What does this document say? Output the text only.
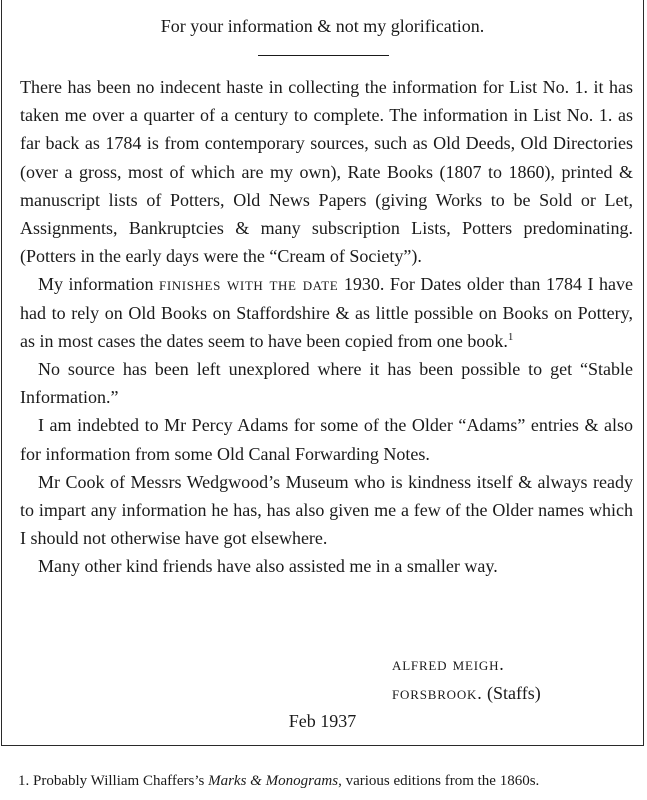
For your information & not my glorification.

There has been no indecent haste in collecting the information for List No. 1. it has taken me over a quarter of a century to complete. The information in List No. 1. as far back as 1784 is from contemporary sources, such as Old Deeds, Old Directories (over a gross, most of which are my own), Rate Books (1807 to 1860), printed & manuscript lists of Potters, Old News Papers (giving Works to be Sold or Let, Assignments, Bankruptcies & many subscription Lists, Potters predominating. (Potters in the early days were the “Cream of Society”).

My information finishes with the date 1930. For Dates older than 1784 I have had to rely on Old Books on Staffordshire & as little possible on Books on Pottery, as in most cases the dates seem to have been copied from one book.$^1$

No source has been left unexplored where it has been possible to get “Stable Information.”

I am indebted to Mr Percy Adams for some of the Older “Adams” entries & also for information from some Old Canal Forwarding Notes.

Mr Cook of Messrs Wedgwood’s Museum who is kindness itself & always ready to impart any information he has, has also given me a few of the Older names which I should not otherwise have got elsewhere.

Many other kind friends have also assisted me in a smaller way.

alfred meigh.
forsbrook. (Staffs)
Feb 1937
1. Probably William Chaffers’s Marks & Monograms, various editions from the 1860s.
